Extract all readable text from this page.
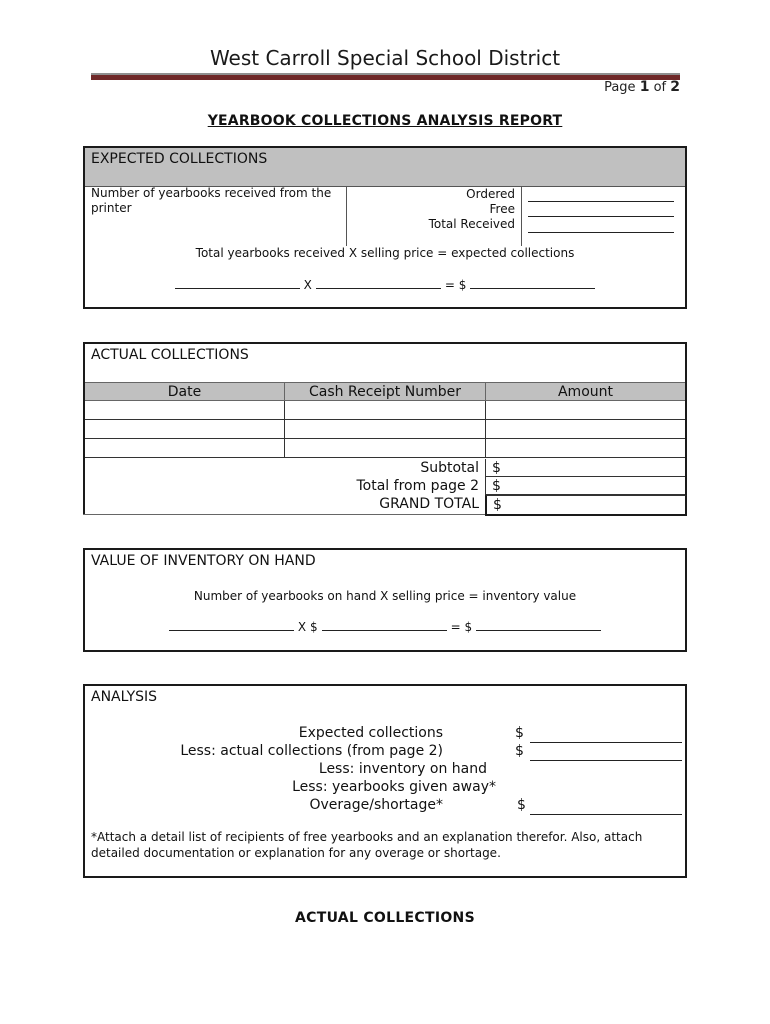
West Carroll Special School District
Page 1 of 2
YEARBOOK COLLECTIONS ANALYSIS REPORT
EXPECTED COLLECTIONS
Number of yearbooks received from the printer
Ordered
Free
Total Received
Total yearbooks received X selling price = expected collections
X	= $
ACTUAL COLLECTIONS
Date	Cash Receipt Number	Amount

Subtotal $
Total from page 2 $
GRAND TOTAL	$
VALUE OF INVENTORY ON HAND
Number of yearbooks on hand X selling price = inventory value
X $	= $
ANALYSIS
Expected collections	$
Less: actual collections (from page 2)	$
Less: inventory on hand
Less: yearbooks given away*
Overage/shortage*	$
*Attach a detail list of recipients of free yearbooks and an explanation therefor. Also, attach detailed documentation or explanation for any overage or shortage.
ACTUAL COLLECTIONS
